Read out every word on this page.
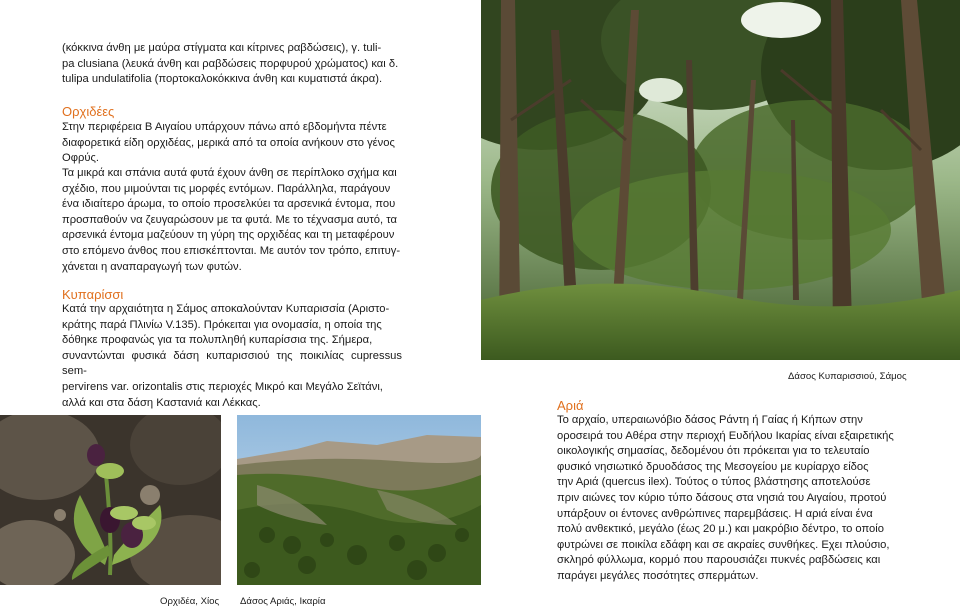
(κόκκινα άνθη με μαύρα στίγματα και κίτρινες ραβδώσεις), γ. tuli-
pa clusiana (λευκά άνθη και ραβδώσεις πορφυρού χρώματος) και δ.
tulipa undulatifolia (πορτοκαλοκόκκινα άνθη και κυματιστά άκρα).
Ορχιδέες
Στην περιφέρεια Β Αιγαίου υπάρχουν πάνω από εβδομήντα πέντε
διαφορετικά είδη ορχιδέας, μερικά από τα οποία ανήκουν στο γένος
Οφρύς.
Τα μικρά και σπάνια αυτά φυτά έχουν άνθη σε περίπλοκο σχήμα και
σχέδιο, που μιμούνται τις μορφές εντόμων. Παράλληλα, παράγουν
ένα ιδιαίτερο άρωμα, το οποίο προσελκύει τα αρσενικά έντομα, που
προσπαθούν να ζευγαρώσουν με τα φυτά. Με το τέχνασμα αυτό, τα
αρσενικά έντομα μαζεύουν τη γύρη της ορχιδέας και τη μεταφέρουν
στο επόμενο άνθος που επισκέπτονται. Με αυτόν τον τρόπο, επιτυγ-
χάνεται η αναπαραγωγή των φυτών.
Κυπαρίσσι
Κατά την αρχαιότητα η Σάμος αποκαλούνταν Κυπαρισσία (Αριστο-
κράτης παρά Πλινίω V.135). Πρόκειται για ονομασία, η οποία της
δόθηκε προφανώς για τα πολυπληθή κυπαρίσσια της. Σήμερα,
συναντώνται φυσικά δάση κυπαρισσιού της ποικιλίας cupressus sem-
pervirens var. orizontalis στις περιοχές Μικρό και Μεγάλο Σεϊτάνι,
αλλά και στα δάση Καστανιά και Λέκκας.
Δάσος Κυπαρισσιού, Σάμος
Αριά
Το αρχαίο, υπεραιωνόβιο δάσος Ράντη ή Γαίας ή Κήπων στην
οροσειρά του Αθέρα στην περιοχή Ευδήλου Ικαρίας είναι εξαιρετικής
οικολογικής σημασίας, δεδομένου ότι πρόκειται για το τελευταίο
φυσικό νησιωτικό δρυοδάσος της Μεσογείου με κυρίαρχο είδος
την Αριά (quercus ilex). Τούτος ο τύπος βλάστησης αποτελούσε
πριν αιώνες τον κύριο τύπο δάσους στα νησιά του Αιγαίου, προτού
υπάρξουν οι έντονες ανθρώπινες παρεμβάσεις. Η αριά είναι ένα
πολύ ανθεκτικό, μεγάλο (έως 20 μ.) και μακρόβιο δέντρο, το οποίο
φυτρώνει σε ποικίλα εδάφη και σε ακραίες συνθήκες. Εχει πλούσιο,
σκληρό φύλλωμα, κορμό που παρουσιάζει πυκνές ραβδώσεις και
παράγει μεγάλες ποσότητες σπερμάτων.
Ορχιδέα, Χίος Δάσος Αριάς, Ικαρία
